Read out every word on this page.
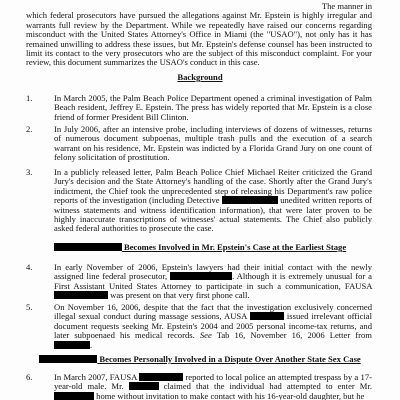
The manner in

which federal prosecutors have pursued the allegations against Mr. Epstein is highly irregular and warrants full review by the Department. While we repeatedly have raised our concerns regarding misconduct with the United States Attorney's Office in Miami (the "USAO"), not only has it has remained unwilling to address these issues, but Mr. Epstein's defense counsel has been instructed to limit its contact to the very prosecutors who are the subject of this misconduct complaint. For your review, this document summarizes the USAO's conduct in this case.

Background
1.	In March 2005, the Palm Beach Police Department opened a criminal investigation of Palm Beach resident, Jeffrey E. Epstein. The press has widely reported that Mr. Epstein is a close friend of former President Bill Clinton.

2.	In July 2006, after an intensive probe, including interviews of dozens of witnesses, returns of numerous document subpoenas, multiple trash pulls and the execution of a search warrant on his residence, Mr. Epstein was indicted by a Florida Grand Jury on one count of felony solicitation of prostitution.

3.	In a publicly released letter, Palm Beach Police Chief Michael Reiter criticized the Grand Jury's decision and the State Attorney's handling of the case. Shortly after the Grand Jury's indictment, the Chief took the unprecedented step of releasing his Department's raw police reports of the investigation (including Detective	unedited written reports of witness statements and witness identification information), that were later proven to be highly inaccurate transcriptions of witnesses' actual statements. The Chief also publicly asked federal authorities to prosecute the case.

Becomes Involved in Mr. Epstein's Case at the Earliest Stage
4.	In early November of 2006, Epstein's lawyers had their initial contact with the newly assigned line federal prosecutor,	. Although it is extremely unusual for a First Assistant United States Attorney to participate in such a communication, FAUSA  was present on that very first phone call.

5.	On November 16, 2006, despite that the fact that the investigation exclusively concerned illegal sexual conduct during massage sessions, AUSA	issued irrelevant official document requests seeking Mr. Epstein's 2004 and 2005 personal income-tax returns, and later subpoenaed his medical records. See Tab 16, November 16, 2006 Letter from .

Becomes Personally Involved in a Dispute Over Another State Sex Case
6.	In March 2007, FAUSA	reported to local police an attempted trespass by a 17-year-old male. Mr.	claimed that the individual had attempted to enter Mr.  home without invitation to make contact with his 16-year-old daughter, but he
